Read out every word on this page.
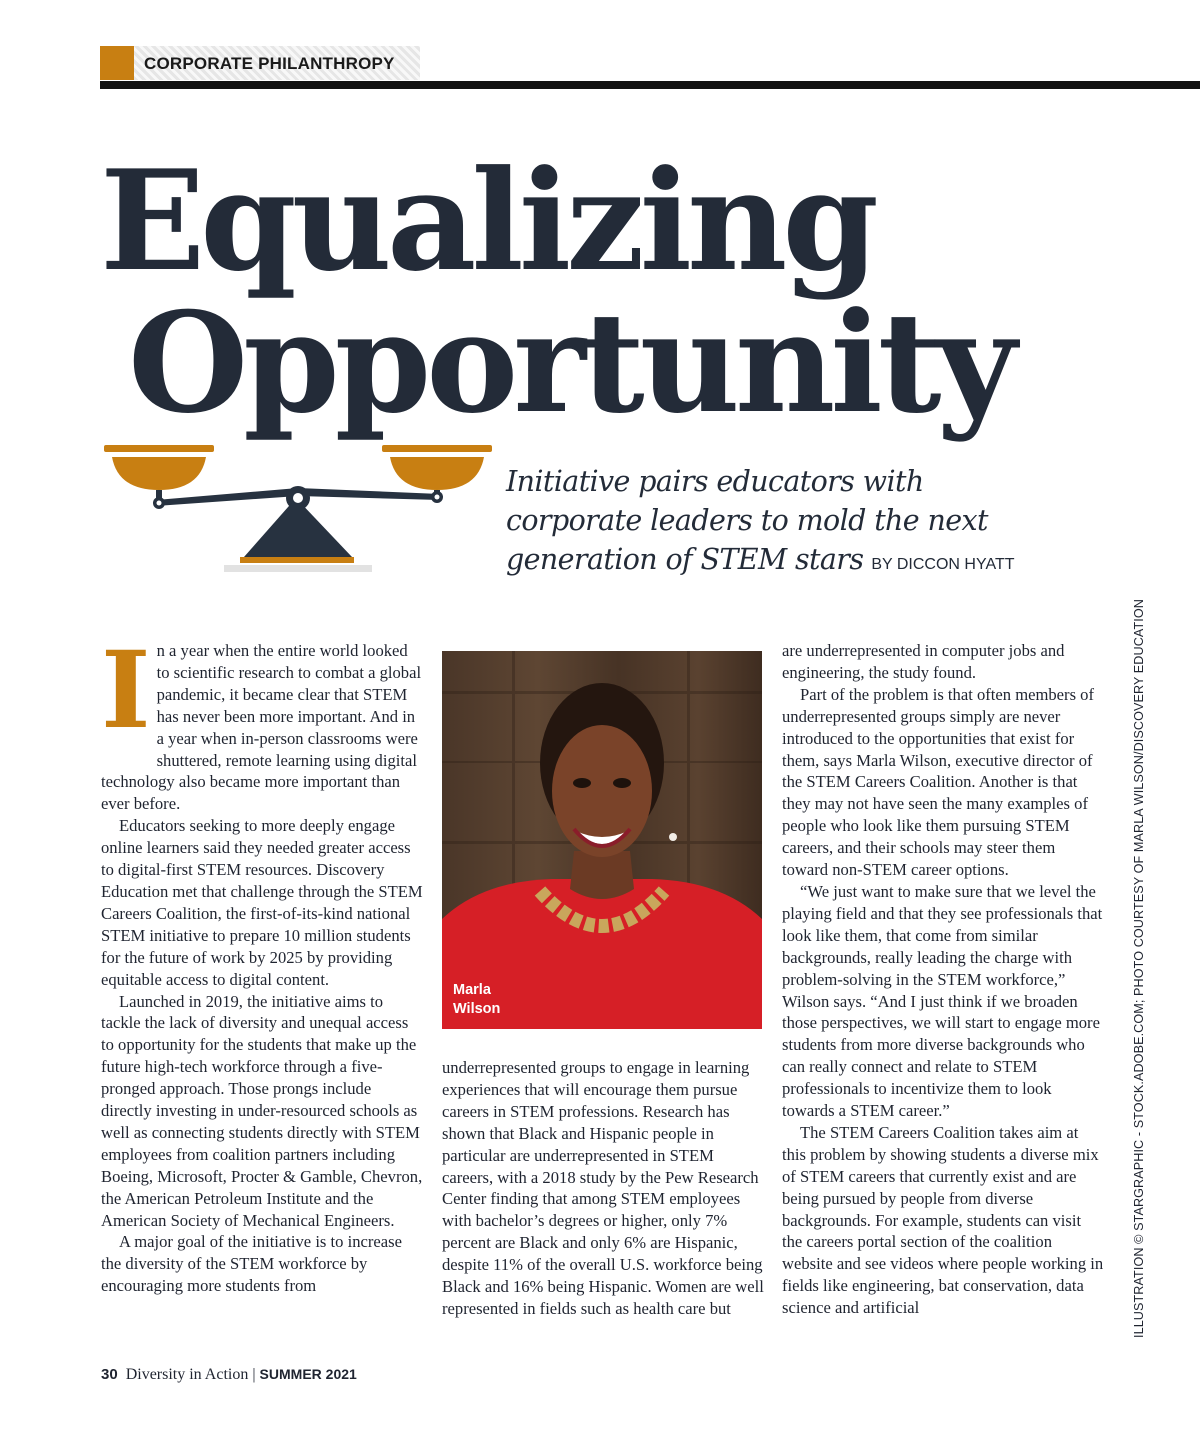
CORPORATE PHILANTHROPY
Equalizing
Opportunity

Initiative pairs educators with corporate leaders to mold the next generation of STEM stars BY DICCON HYATT

In a year when the entire world looked to scientific research to combat a global pandemic, it became clear that STEM has never been more important. And in a year when in-person classrooms were shuttered, remote learning using digital technology also became more important than ever before.

Educators seeking to more deeply engage online learners said they needed greater access to digital-first STEM resources. Discovery Education met that challenge through the STEM Careers Coalition, the first-of-its-kind national STEM initiative to prepare 10 million students for the future of work by 2025 by providing equitable access to digital content.

Launched in 2019, the initiative aims to tackle the lack of diversity and unequal access to opportunity for the students that make up the future high-tech workforce through a five-pronged approach. Those prongs include directly investing in under-resourced schools as well as connecting students directly with STEM employees from coalition partners including Boeing, Microsoft, Procter & Gamble, Chevron, the American Petroleum Institute and the American Society of Mechanical Engineers.

A major goal of the initiative is to increase the diversity of the STEM workforce by encouraging more students from

Marla
Wilson

underrepresented groups to engage in learning experiences that will encourage them pursue careers in STEM professions. Research has shown that Black and Hispanic people in particular are underrepresented in STEM careers, with a 2018 study by the Pew Research Center finding that among STEM employees with bachelor’s degrees or higher, only 7% percent are Black and only 6% are Hispanic, despite 11% of the overall U.S. workforce being Black and 16% being Hispanic. Women are well represented in fields such as health care but

are underrepresented in computer jobs and engineering, the study found.

Part of the problem is that often members of underrepresented groups simply are never introduced to the opportunities that exist for them, says Marla Wilson, executive director of the STEM Careers Coalition. Another is that they may not have seen the many examples of people who look like them pursuing STEM careers, and their schools may steer them toward non-STEM career options.

“We just want to make sure that we level the playing field and that they see professionals that look like them, that come from similar backgrounds, really leading the charge with problem-solving in the STEM workforce,” Wilson says. “And I just think if we broaden those perspectives, we will start to engage more students from more diverse backgrounds who can really connect and relate to STEM professionals to incentivize them to look towards a STEM career.”

The STEM Careers Coalition takes aim at this problem by showing students a diverse mix of STEM careers that currently exist and are being pursued by people from diverse backgrounds. For example, students can visit the careers portal section of the coalition website and see videos where people working in fields like engineering, bat conservation, data science and artificial	ILLUSTRATION © STARGRAPHIC - STOCK.ADOBE.COM; PHOTO COURTESY OF MARLA WILSON/DISCOVERY EDUCATION
30 Diversity in Action | SUMMER 2021
